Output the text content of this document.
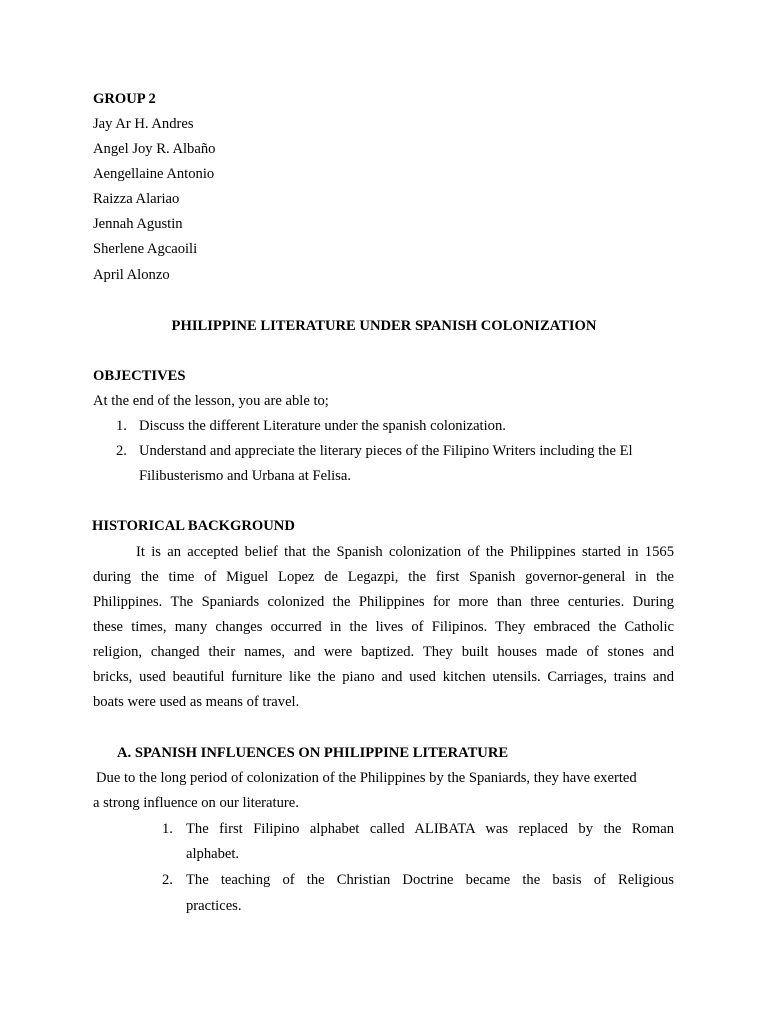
GROUP 2
Jay Ar H. Andres
Angel Joy R. Albaño
Aengellaine Antonio
Raizza Alariao
Jennah Agustin
Sherlene Agcaoili
April Alonzo
PHILIPPINE LITERATURE UNDER SPANISH COLONIZATION
OBJECTIVES
At the end of the lesson, you are able to;
1. Discuss the different Literature under the spanish colonization.
2. Understand and appreciate the literary pieces of the Filipino Writers including the El
Filibusterismo and Urbana at Felisa.
HISTORICAL BACKGROUND
It is an accepted belief that the Spanish colonization of the Philippines started in 1565
during the time of Miguel Lopez de Legazpi, the first Spanish governor-general in the
Philippines. The Spaniards colonized the Philippines for more than three centuries. During
these times, many changes occurred in the lives of Filipinos. They embraced the Catholic
religion, changed their names, and were baptized. They built houses made of stones and
bricks, used beautiful furniture like the piano and used kitchen utensils. Carriages, trains and
boats were used as means of travel.
A. SPANISH INFLUENCES ON PHILIPPINE LITERATURE
Due to the long period of colonization of the Philippines by the Spaniards, they have exerted
a strong influence on our literature.
1. The first Filipino alphabet called ALIBATA was replaced by the Roman
alphabet.
2. The teaching of the Christian Doctrine became the basis of Religious
practices.
